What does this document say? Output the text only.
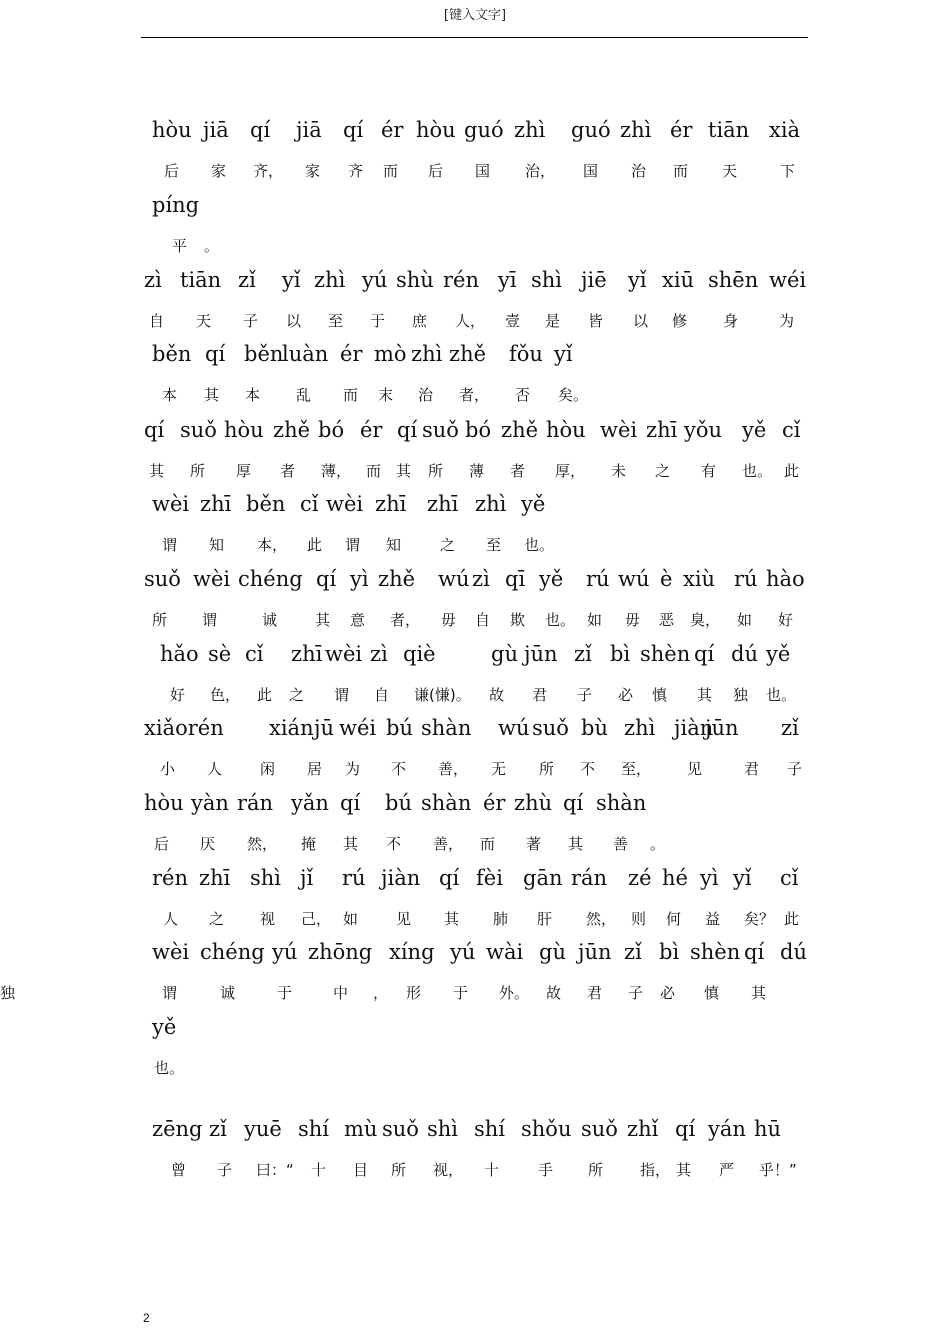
[键入文字]
hòu jiā qí jiā qí ér hòu guó zhì guó zhì ér tiān xià
后 家 齐， 家 齐 而 后 国 治， 国 治 而 天	下
píng
平 。
zì tiān zǐ yǐ zhì yú shù rén yī shì jiē yǐ xiū shēn wéi
自 天 子 以 至 于 庶 人， 壹 是 皆 以 修 身	为
běn qí běn
luàn ér mò zhì zhě fǒu yǐ
本 其 本 乱 而 末 治 者， 否 矣。
qí suǒ hòu zhě bó ér qí suǒ bó zhě hòu wèi zhī yǒu yě cǐ
其 所 厚 者 薄， 而 其 所 薄 者 厚， 未 之 有 也。 此
wèi zhī běn cǐ wèi zhī zhī zhì yě
谓 知 本， 此 谓 知	之 至 也。
suǒ wèi chéng qí yì zhě wú zì qī yě rú wú è xiù rú hào
所 谓	诚	其 意 者， 毋 自 欺 也。 如 毋 恶 臭， 如 好
hǎo sè cǐ zhī wèi zì qiè	gù jūn zǐ bì shèn qí dú yě
好 色， 此 之 谓 自 谦(慊)。 故 君 子 必 慎 其 独 也。
xiǎorén xián jū wéi bú shàn wú suǒ bù zhì jiàn
jūn zǐ
小 人	闲 居 为 不 善， 无 所 不 至， 见	君 子
hòu yàn rán yǎn qí bú shàn ér zhù qí shàn
后 厌 然， 掩 其 不 善， 而 著 其 善 。
rén zhī shì jǐ rú jiàn qí fèi gān rán zé hé yì yǐ cǐ
人 之 视 己， 如	见 其 肺 肝 然， 则 何 益 矣？ 此
wèi chéng yú zhōng xíng yú wài gù jūn zǐ bì shèn qí dú
谓	诚	于	中 ， 形 于 外。 故 君 子 必 慎 其
独
yě
也。
zēng zǐ yuē shí mù suǒ shì shí shǒu suǒ zhǐ qí yán hū
曾 子 曰：“ 十 目 所 视， 十	手 所 指， 其 严 乎！”
2
